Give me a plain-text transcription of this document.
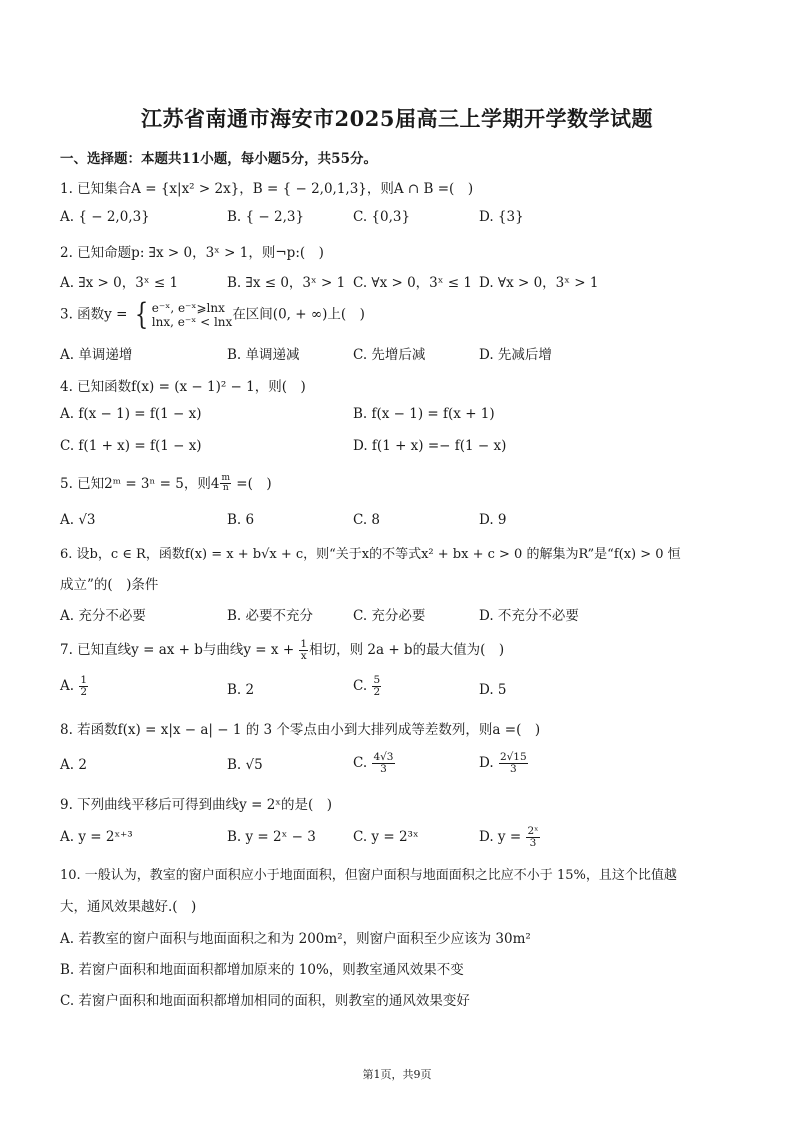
江苏省南通市海安市2025届高三上学期开学数学试题
一、选择题：本题共11小题，每小题5分，共55分。
1. 已知集合A = {x|x² > 2x}，B = { − 2,0,1,3}，则A ∩ B =(　)
A. { − 2,0,3}	B. { − 2,3}	C. {0,3}	D. {3}
2. 已知命题p: ∃x > 0，3ˣ > 1，则¬p:(　)
A. ∃x > 0，3ˣ ≤ 1	B. ∃x ≤ 0，3ˣ > 1 C. ∀x > 0，3ˣ ≤ 1 D. ∀x > 0，3ˣ > 1
3. 函数y = { e⁻ˣ, e⁻ˣ⩾lnx
lnx, e⁻ˣ < lnx 在区间(0, + ∞)上(　)
A. 单调递增	B. 单调递减	C. 先增后减	D. 先减后增
4. 已知函数f(x) = (x − 1)² − 1，则(　)
A. f(x − 1) = f(1 − x)	B. f(x − 1) = f(x + 1)
C. f(1 + x) = f(1 − x)	D. f(1 + x) =− f(1 − x)
5. 已知2ᵐ = 3ⁿ = 5，则$4 \frac{m}{n}$ =(　)
A. √3	B. 6	C. 8	D. 9
6. 设b，c ∈ R，函数f(x) = x + b√x + c，则“关于x的不等式x² + bx + c > 0 的解集为R”是“f(x) > 0 恒
成立”的(　)条件
A. 充分不必要	B. 必要不充分	C. 充分必要	D. 不充分不必要
7. 已知直线y = ax + b与曲线$y = x + \frac{1}{x}$ 相切，则 2a + b的最大值为(　)
A. $\frac{1}{2}$	B. 2	C. $\frac{5}{2}$	D. 5
8. 若函数f(x) = x|x − a| − 1 的 3 个零点由小到大排列成等差数列，则a =(　)
A. 2	B. √5	C. $\frac{4√3}{3}$	D. $\frac{2√15}{3}$
9. 下列曲线平移后可得到曲线y = 2ˣ的是(　)
A. y = 2ˣ⁺³	B. y = 2ˣ − 3	C. y = 2³ˣ	D. $y = \frac{\text{2ˣ}}{3}$
10. 一般认为，教室的窗户面积应小于地面面积，但窗户面积与地面面积之比应不小于 15%，且这个比值越
大，通风效果越好.(　)
A. 若教室的窗户面积与地面面积之和为 200m²，则窗户面积至少应该为 30m²
B. 若窗户面积和地面面积都增加原来的 10%，则教室通风效果不变
C. 若窗户面积和地面面积都增加相同的面积，则教室的通风效果变好
第1页，共9页
